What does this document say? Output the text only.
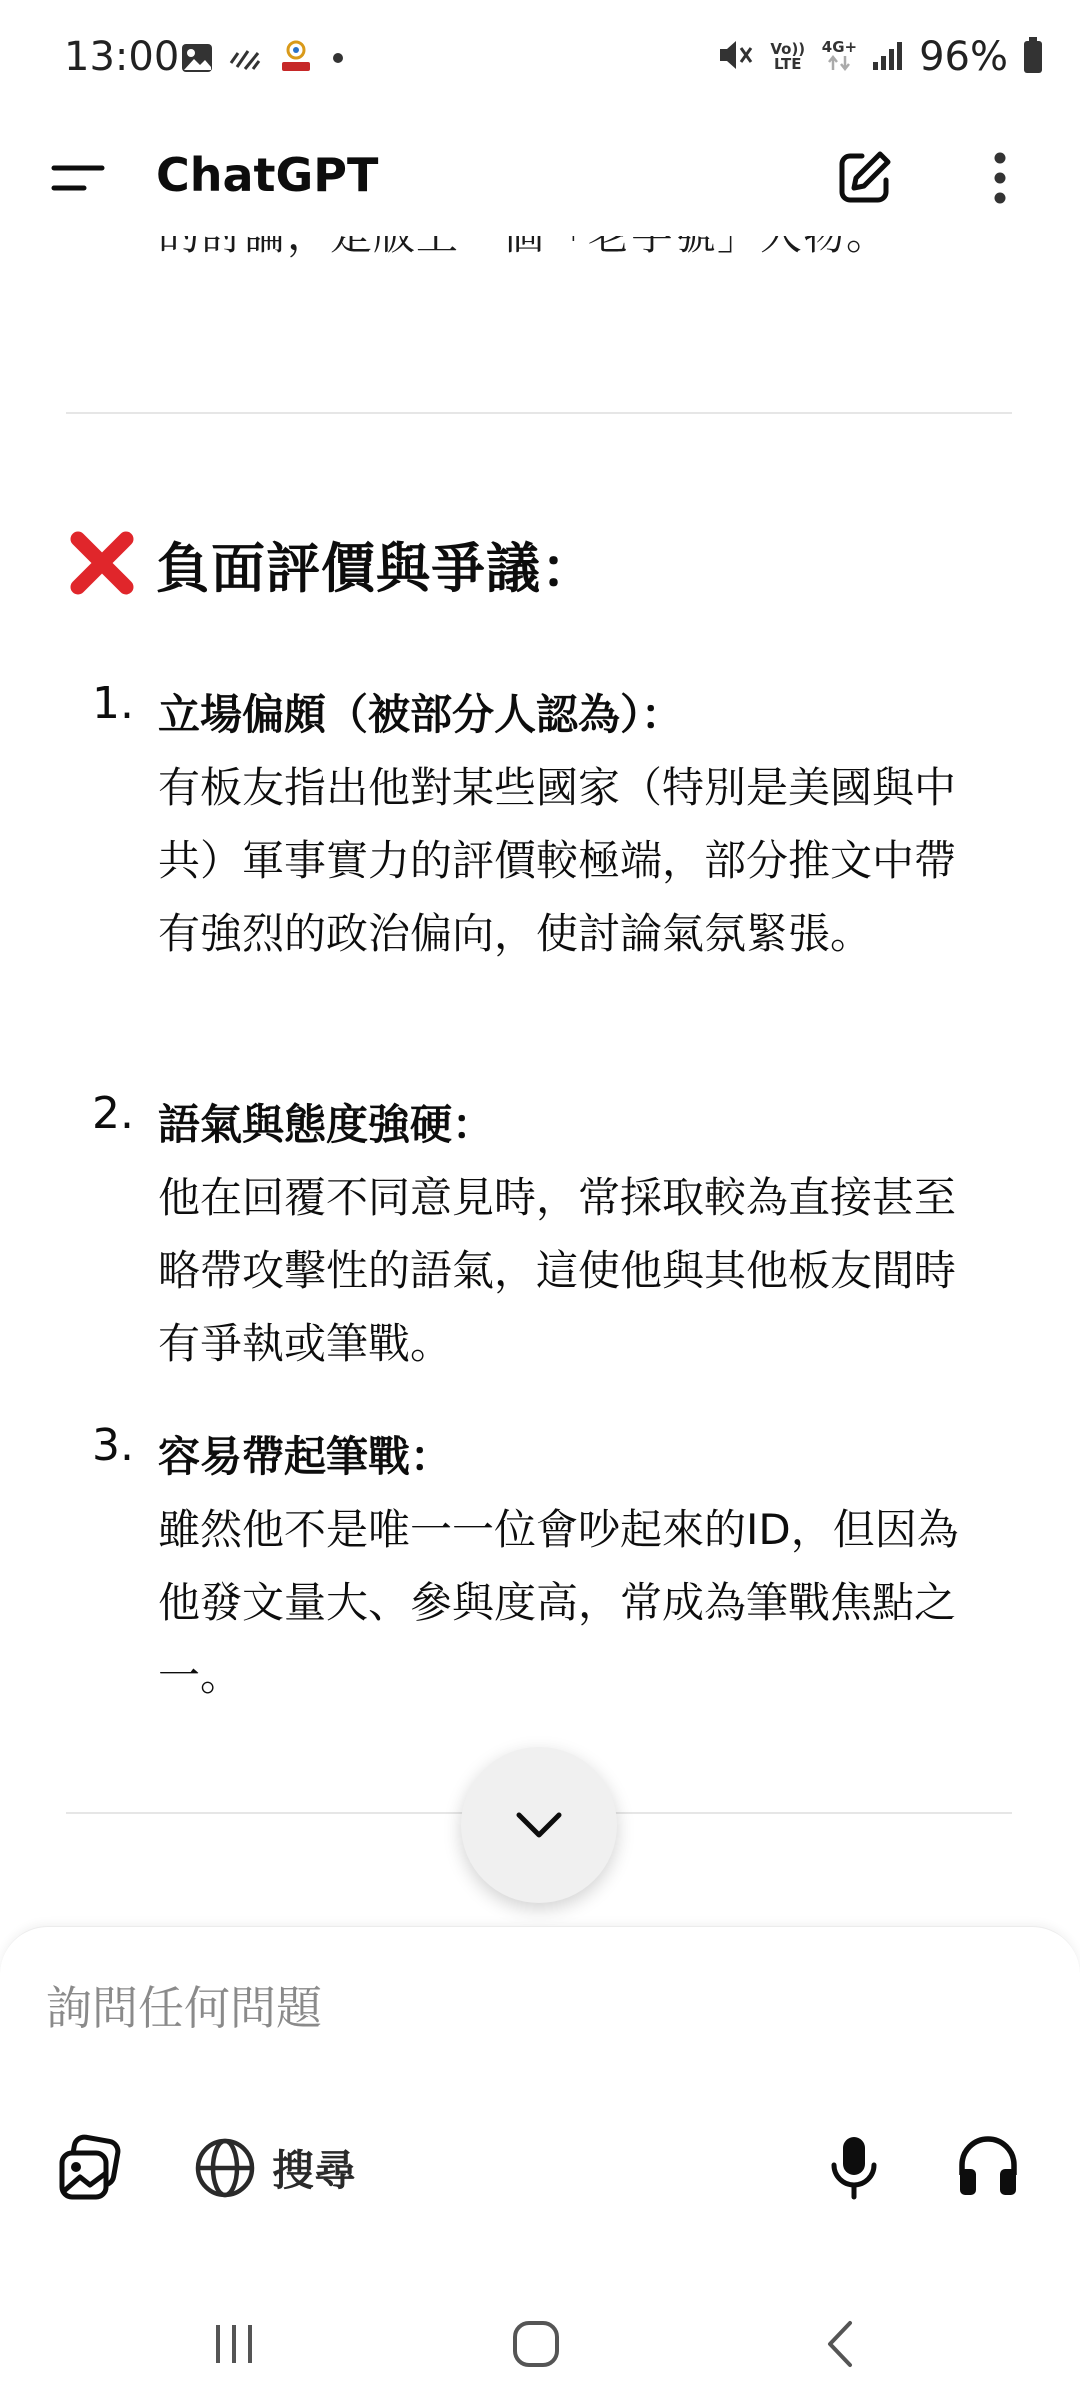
13:00	Vo)) LTE
4G+ 96%
ChatGPT
負面評價與爭議：
1. 立場偏頗（被部分人認為）：
有板友指出他對某些國家（特別是美國與中共）軍事實力的評價較極端，部分推文中帶有強烈的政治偏向，使討論氣氛緊張。
2. 語氣與態度強硬：
他在回覆不同意見時，常採取較為直接甚至略帶攻擊性的語氣，這使他與其他板友間時有爭執或筆戰。
3. 容易帶起筆戰：
雖然他不是唯一一位會吵起來的ID，但因為他發文量大、參與度高，常成為筆戰焦點之一。
詢問任何問題
搜尋
